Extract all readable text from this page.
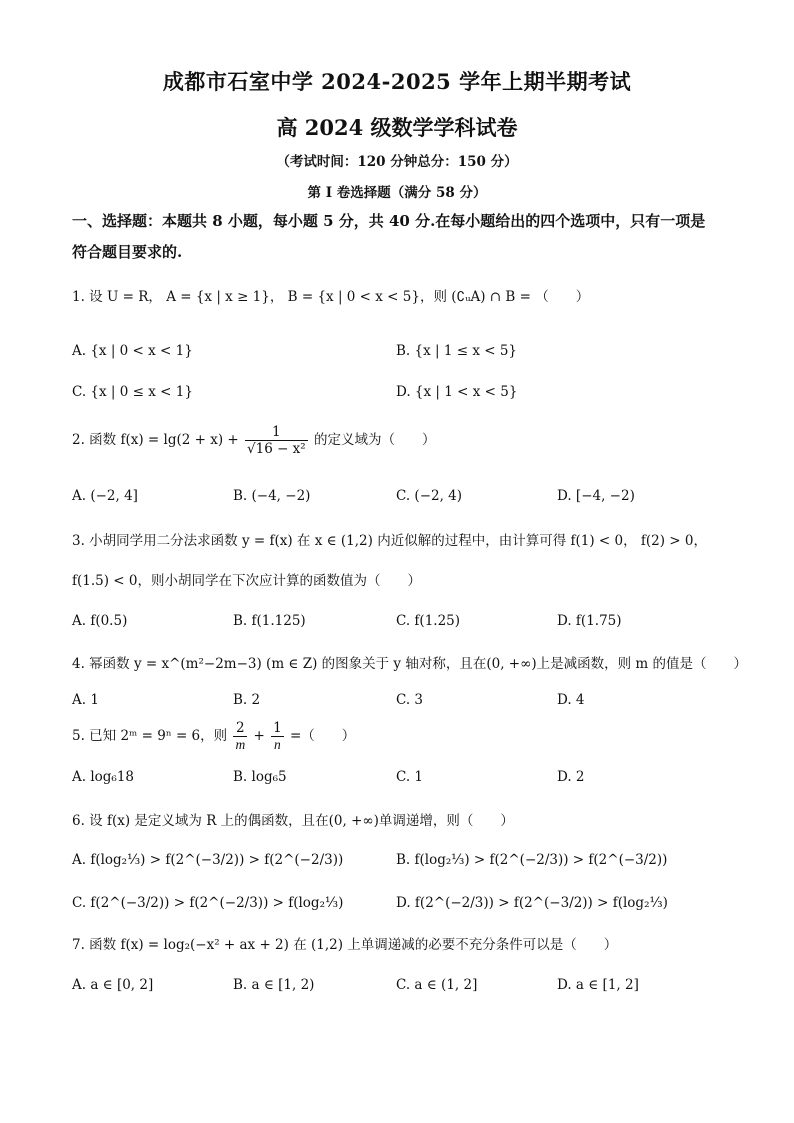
成都市石室中学 2024-2025 学年上期半期考试
高 2024 级数学学科试卷
（考试时间：120 分钟总分：150 分）
第 I 卷选择题（满分 58 分）
一、选择题：本题共 8 小题，每小题 5 分，共 40 分.在每小题给出的四个选项中，只有一项是
符合题目要求的.
1. 设 U = R， A = {x | x ≥ 1}， B = {x | 0 < x < 5}，则 (∁ᵤA) ∩ B = （　　）
A. {x | 0 < x < 1}	B. {x | 1 ≤ x < 5}
C. {x | 0 ≤ x < 1}	D. {x | 1 < x < 5}
2. 函数 $f(x) = \lg(2 + x) + \frac{1}{\text{√16 − x²}}$ 的定义域为（　　）
A. (−2, 4]	B. (−4, −2)	C. (−2, 4)	D. [−4, −2)
3. 小胡同学用二分法求函数 y = f(x) 在 x ∈ (1,2) 内近似解的过程中，由计算可得 f(1) < 0， f(2) > 0，
f(1.5) < 0，则小胡同学在下次应计算的函数值为（　　）
A. f(0.5)	B. f(1.125)	C. f(1.25)	D. f(1.75)
4. 幂函数 y = x^(m²−2m−3) (m ∈ Z) 的图象关于 y 轴对称，且在(0, +∞)上是减函数，则 m 的值是（　　）
A. 1	B. 2	C. 3	D. 4
5. 已知 2ᵐ = 9ⁿ = 6，则 $\frac{2}{m} + \frac{1}{n}$ =（　　）
A. log₆18	B. log₆5	C. 1	D. 2
6. 设 f(x) 是定义域为 R 上的偶函数，且在(0, +∞)单调递增，则（　　）
A. f(log₂⅓) > f(2^(−3/2)) > f(2^(−2/3))	B. f(log₂⅓) > f(2^(−2/3)) > f(2^(−3/2))
C. f(2^(−3/2)) > f(2^(−2/3)) > f(log₂⅓)	D. f(2^(−2/3)) > f(2^(−3/2)) > f(log₂⅓)
7. 函数 f(x) = log₂(−x² + ax + 2) 在 (1,2) 上单调递减的必要不充分条件可以是（　　）
A. a ∈ [0, 2]	B. a ∈ [1, 2)	C. a ∈ (1, 2]	D. a ∈ [1, 2]
